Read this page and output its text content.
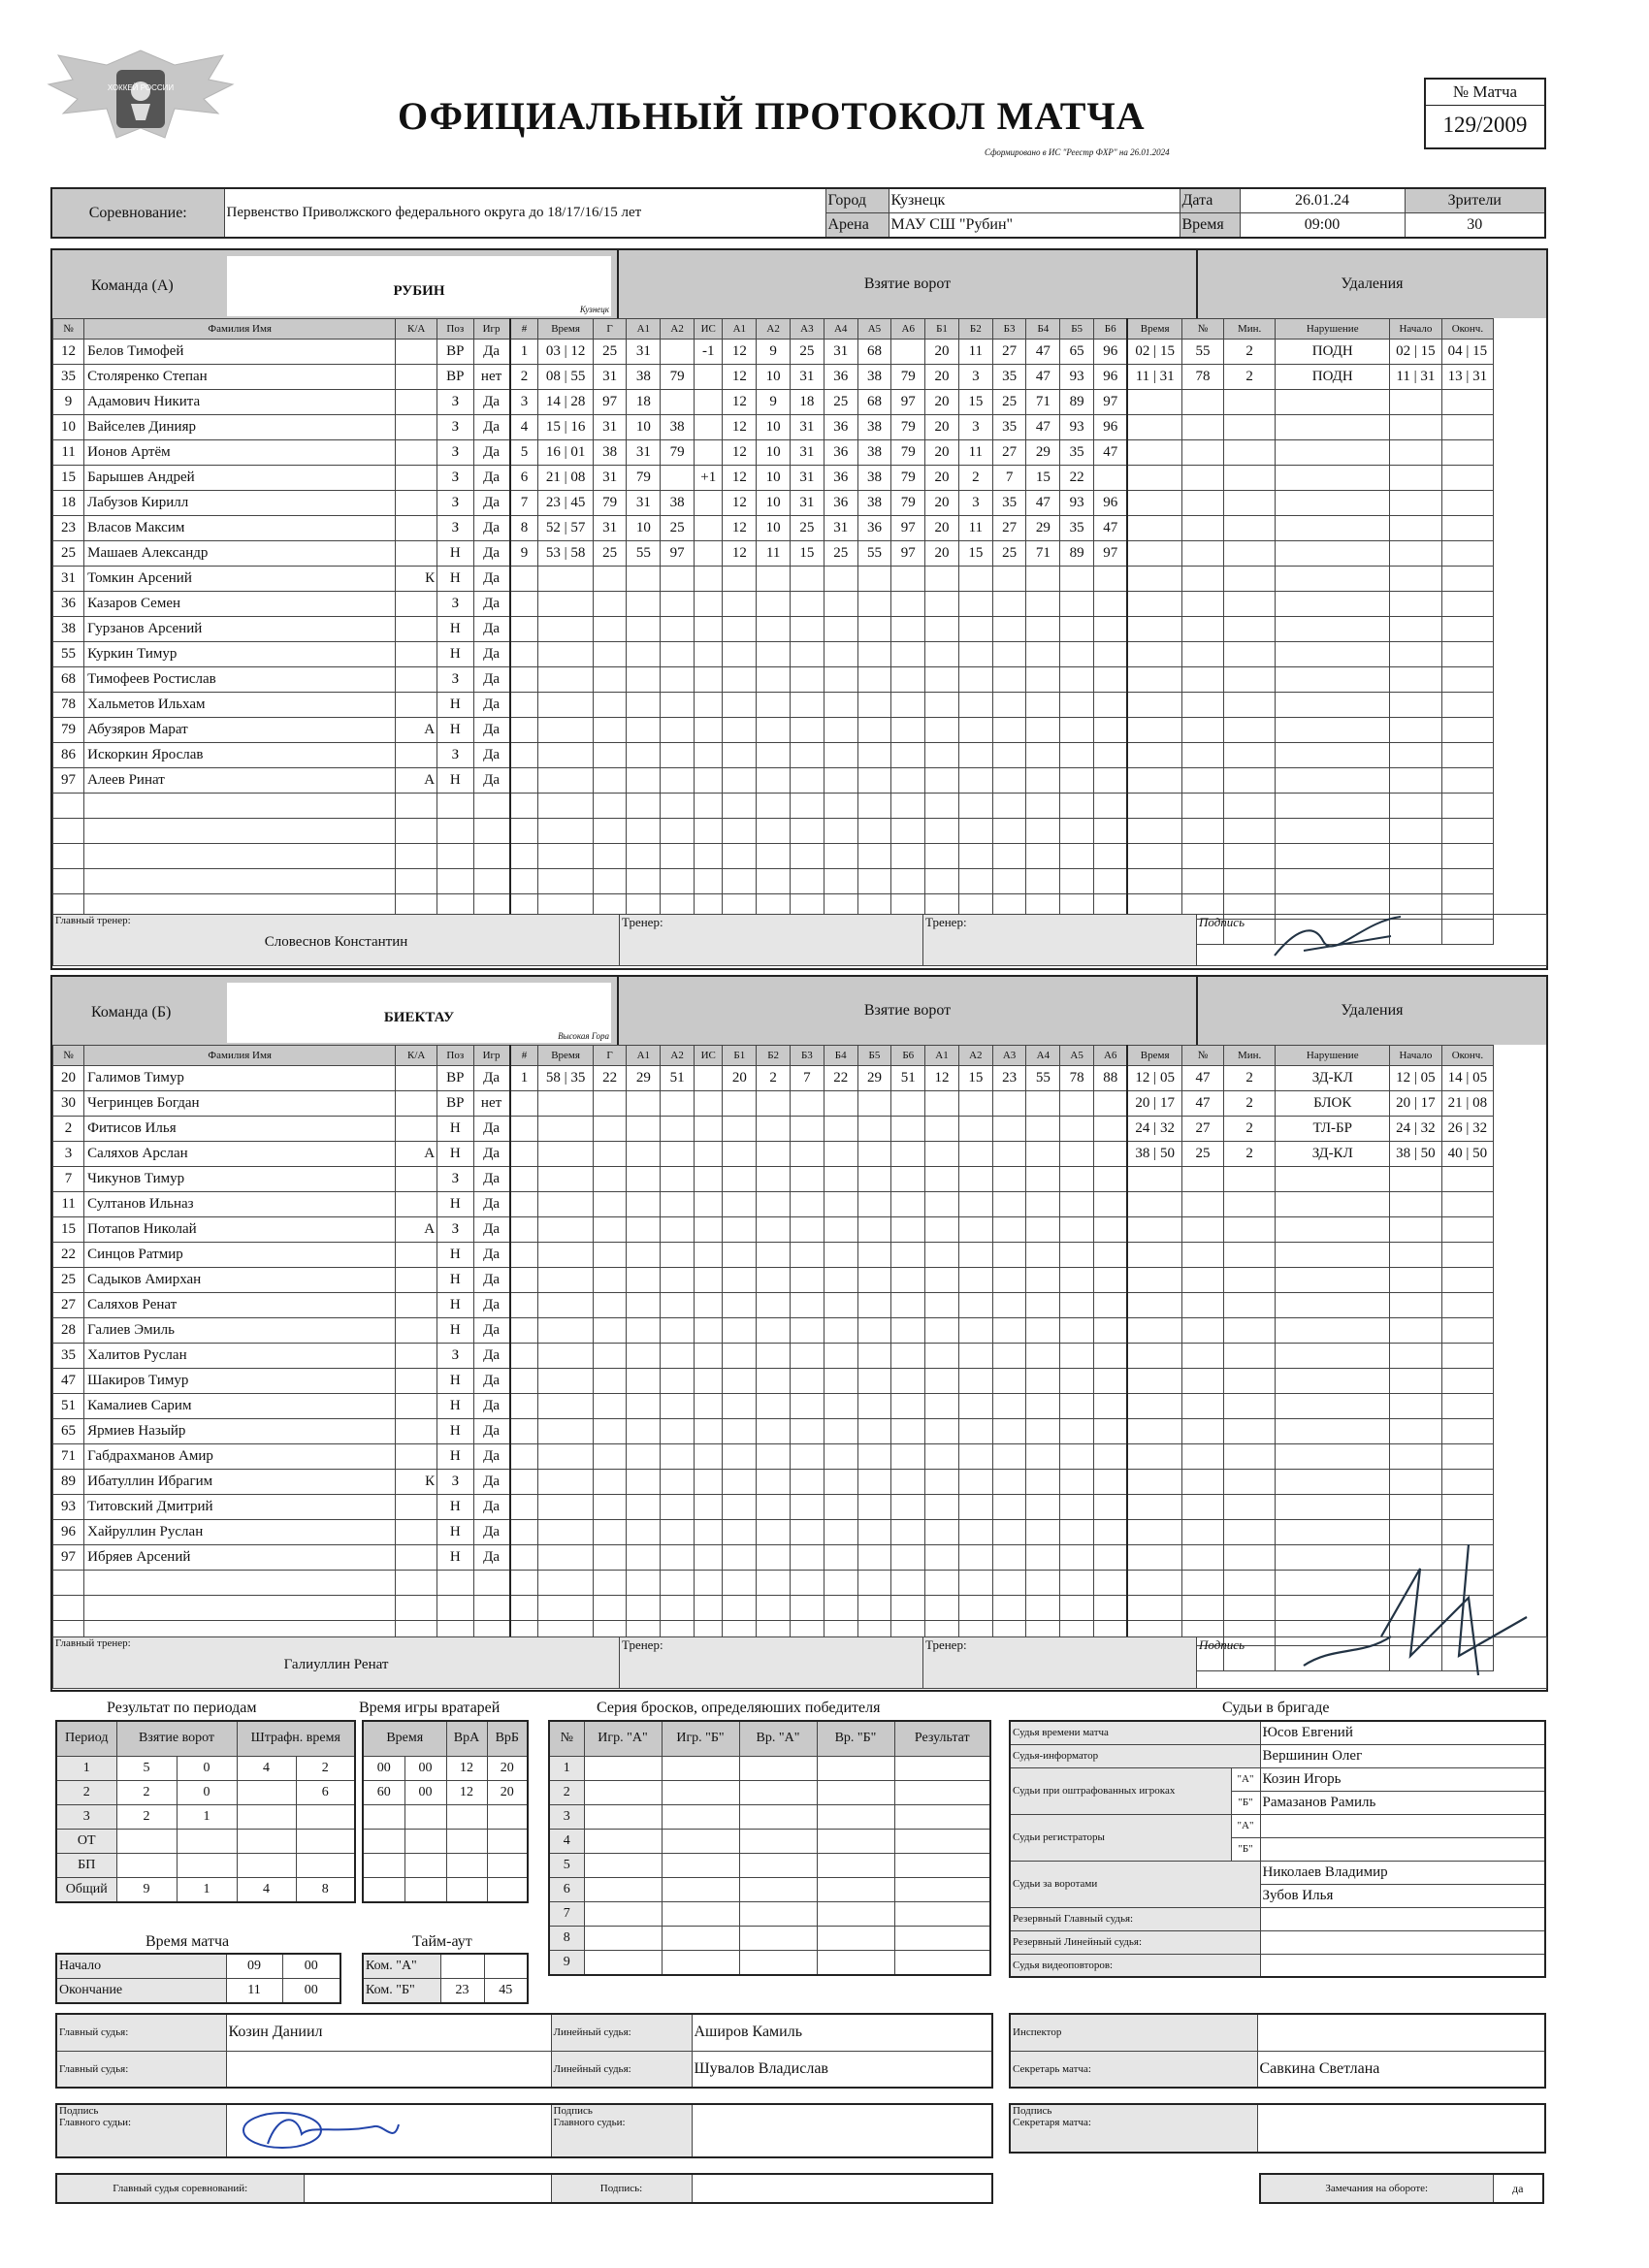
ХОККЕЙ РОССИИ
ОФИЦИАЛЬНЫЙ ПРОТОКОЛ МАТЧА
Сформировано в ИС "Реестр ФХР" на 26.01.2024
№ Матча
129/2009
Соревнование:	Первенство Приволжского федерального округа до 18/17/16/15 лет	Город	Кузнецк	Дата	26.01.24	Зрители
		Арена	МАУ СШ "Рубин"	Время	09:00	30
Команда (А)	РУБИН
Кузнецк
Взятие ворот	Удаления
№	Фамилия Имя	К/А	Поз	Игр	#	Время	Г	А1	А2	ИС	А1	А2	А3	А4	А5	А6	Б1	Б2	Б3	Б4	Б5	Б6	Время	№	Мин.	Нарушение	Начало	Оконч.
12	Белов Тимофей		ВР	Да	1	03 | 12	25	31		-1	12	9	25	31	68		20	11	27	47	65	96	02 | 15	55	2	ПОДН	02 | 15	04 | 15
35	Столяренко Степан		ВР	нет	2	08 | 55	31	38	79		12	10	31	36	38	79	20	3	35	47	93	96	11 | 31	78	2	ПОДН	11 | 31	13 | 31
9	Адамович Никита		З	Да	3	14 | 28	97	18			12	9	18	25	68	97	20	15	25	71	89	97						
10	Вайселев Динияр		З	Да	4	15 | 16	31	10	38		12	10	31	36	38	79	20	3	35	47	93	96						
11	Ионов Артём		З	Да	5	16 | 01	38	31	79		12	10	31	36	38	79	20	11	27	29	35	47						
15	Барышев Андрей		З	Да	6	21 | 08	31	79		+1	12	10	31	36	38	79	20	2	7	15	22							
18	Лабузов Кирилл		З	Да	7	23 | 45	79	31	38		12	10	31	36	38	79	20	3	35	47	93	96						
23	Власов Максим		З	Да	8	52 | 57	31	10	25		12	10	25	31	36	97	20	11	27	29	35	47						
25	Машаев Александр		Н	Да	9	53 | 58	25	55	97		12	11	15	25	55	97	20	15	25	71	89	97						
31	Томкин Арсений	К	Н	Да																								
36	Казаров Семен		З	Да																								
38	Гурзанов Арсений		Н	Да																								
55	Куркин Тимур		Н	Да																								
68	Тимофеев Ростислав		З	Да																								
78	Хальметов Ильхам		Н	Да																								
79	Абузяров Марат	А	Н	Да																								
86	Искоркин Ярослав		З	Да																								
97	Алеев Ринат	А	Н	Да																								

Главный тренер:
Словеснов Константин
	Тренер:	Тренер:	Подпись
Команда (Б)	БИЕКТАУ
Высокая Гора
Взятие ворот	Удаления
№	Фамилия Имя	К/А	Поз	Игр	#	Время	Г	А1	А2	ИС	Б1	Б2	Б3	Б4	Б5	Б6	А1	А2	А3	А4	А5	А6	Время	№	Мин.	Нарушение	Начало	Оконч.
20	Галимов Тимур		ВР	Да	1	58 | 35	22	29	51		20	2	7	22	29	51	12	15	23	55	78	88	12 | 05	47	2	ЗД-КЛ	12 | 05	14 | 05
30	Чегринцев Богдан		ВР	нет																			20 | 17	47	2	БЛОК	20 | 17	21 | 08
2	Фитисов Илья		Н	Да																			24 | 32	27	2	ТЛ-БР	24 | 32	26 | 32
3	Саляхов Арслан	А	Н	Да																			38 | 50	25	2	ЗД-КЛ	38 | 50	40 | 50
7	Чикунов Тимур		З	Да																								
11	Султанов Ильназ		Н	Да																								
15	Потапов Николай	А	З	Да																								
22	Синцов Ратмир		Н	Да																								
25	Садыков Амирхан		Н	Да																								
27	Саляхов Ренат		Н	Да																								
28	Галиев Эмиль		Н	Да																								
35	Халитов Руслан		З	Да																								
47	Шакиров Тимур		Н	Да																								
51	Камалиев Сарим		Н	Да																								
65	Ярмиев Назыйр		Н	Да																								
71	Габдрахманов Амир		Н	Да																								
89	Ибатуллин Ибрагим	К	З	Да																								
93	Титовский Дмитрий		Н	Да																								
96	Хайруллин Руслан		Н	Да																								
97	Ибряев Арсений		Н	Да																								

Главный тренер:
Галиуллин Ренат
	Тренер:	Тренер:	Подпись
Результат по периодам
Период	Взятие ворот		Штрафн. время	
1	5	0	4	2
2	2	0		6
3	2	1		
ОТ				
БП				
Общий	9	1	4	8
Время игры вратарей
Время		ВрА	ВрБ
00	00	12	20
60	00	12	20

Серия бросков, определяюших победителя
№	Игр. "А"	Игр. "Б"	Вр. "А"	Вр. "Б"	Результат
1					
2					
3					
4					
5					
6					
7					
8					
9					
Время матча
Начало	09	00
Окончание	11	00
Тайм-аут
Ком. "А"		
Ком. "Б"	23	45
Судьи в бригаде
Судья времени матча		Юсов Евгений
Судья-информатор		Вершинин Олег
Судьи при оштрафованных игроках	"А"	Козин Игорь
	"Б"	Рамазанов Рамиль
Судьи регистраторы	"А"	
	"Б"	
Судьи за воротами		Николаев Владимир
		Зубов Илья
Резервный Главный судья:		
Резервный Линейный судья:		
Судья видеоповторов:		
Главный судья:	Козин Даниил	Линейный судья:	Аширов Камиль
Главный судья:		Линейный судья:	Шувалов Владислав
Инспектор	
Секретарь матча:	Савкина Светлана
Подпись
Главного судьи:

Подпись
Главного судьи:

Подпись
Секретаря матча:

Главный судья соревнований:		Подпись:		Замечания на обороте:	да
